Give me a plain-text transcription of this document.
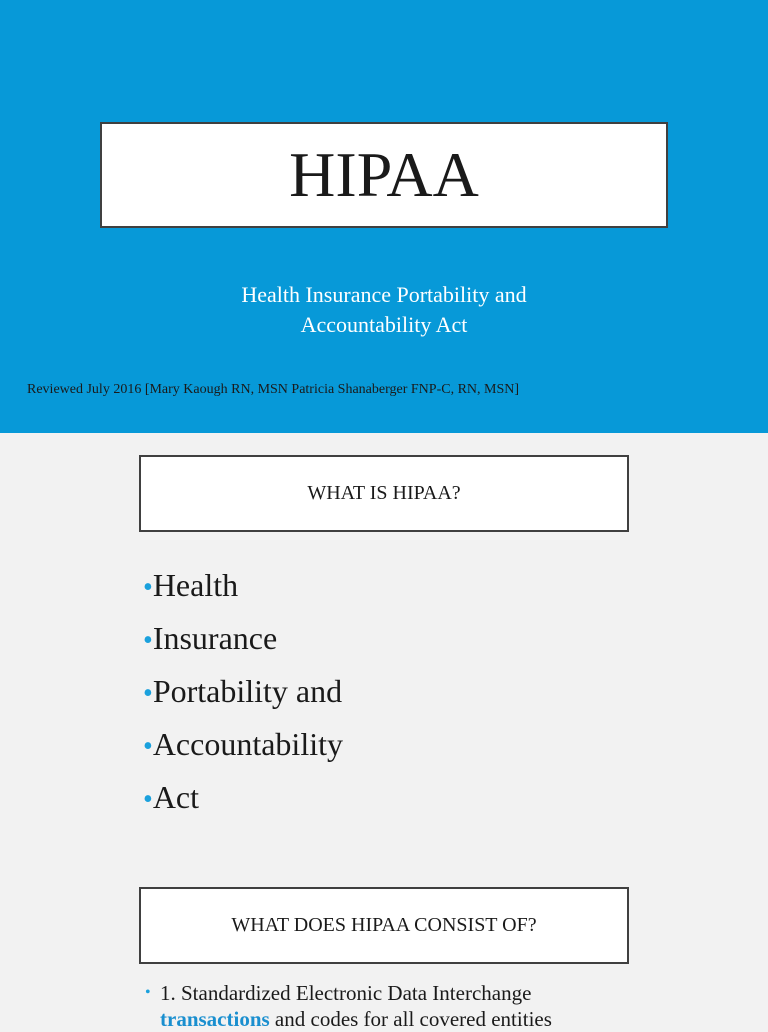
HIPAA
Health Insurance Portability and
Accountability Act
Reviewed July 2016 [Mary Kaough RN, MSN Patricia Shanaberger FNP-C, RN, MSN]
WHAT IS HIPAA?
•Health
•Insurance
•Portability and
•Accountability
•Act
WHAT DOES HIPAA CONSIST OF?
• 1. Standardized Electronic Data Interchange
transactions and codes for all covered entities
